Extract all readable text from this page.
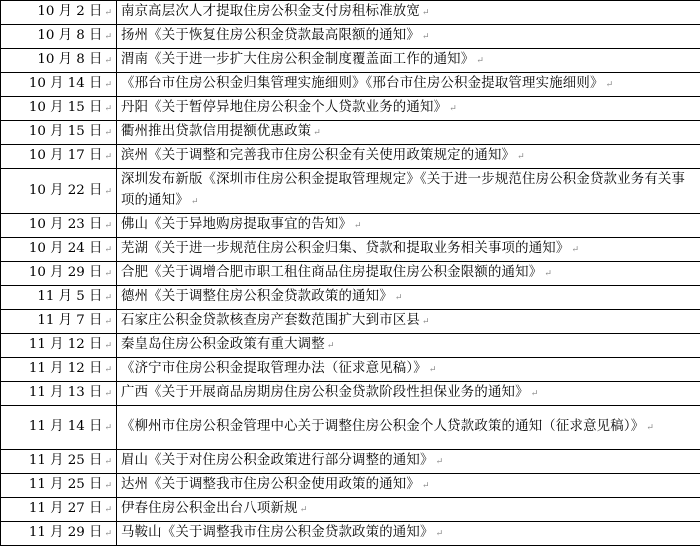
10 月 2 日 ↵	南京高层次人才提取住房公积金支付房租标准放宽 ↵
10 月 8 日 ↵	扬州《关于恢复住房公积金贷款最高限额的通知》 ↵
10 月 8 日 ↵	渭南《关于进一步扩大住房公积金制度覆盖面工作的通知》 ↵
10 月 14 日 ↵	《邢台市住房公积金归集管理实施细则》《邢台市住房公积金提取管理实施细则》 ↵
10 月 15 日 ↵	丹阳《关于暂停异地住房公积金个人贷款业务的通知》 ↵
10 月 15 日 ↵	衢州推出贷款信用提额优惠政策 ↵
10 月 17 日 ↵	滨州《关于调整和完善我市住房公积金有关使用政策规定的通知》 ↵
10 月 22 日 ↵	深圳发布新版《深圳市住房公积金提取管理规定》《关于进一步规范住房公积金贷款业务有关事项的通知》 ↵
10 月 23 日 ↵	佛山《关于异地购房提取事宜的告知》 ↵
10 月 24 日 ↵	芜湖《关于进一步规范住房公积金归集、贷款和提取业务相关事项的通知》 ↵
10 月 29 日 ↵	合肥《关于调增合肥市职工租住商品住房提取住房公积金限额的通知》 ↵
11 月 5 日 ↵	德州《关于调整住房公积金贷款政策的通知》 ↵
11 月 7 日 ↵	石家庄公积金贷款核查房产套数范围扩大到市区县 ↵
11 月 12 日 ↵	秦皇岛住房公积金政策有重大调整 ↵
11 月 12 日 ↵	《济宁市住房公积金提取管理办法（征求意见稿）》 ↵
11 月 13 日 ↵	广西《关于开展商品房期房住房公积金贷款阶段性担保业务的通知》 ↵
11 月 14 日 ↵	《柳州市住房公积金管理中心关于调整住房公积金个人贷款政策的通知（征求意见稿）》 ↵
11 月 25 日 ↵	眉山《关于对住房公积金政策进行部分调整的通知》 ↵
11 月 25 日 ↵	达州《关于调整我市住房公积金使用政策的通知》 ↵
11 月 27 日 ↵	伊春住房公积金出台八项新规 ↵
11 月 29 日 ↵	马鞍山《关于调整我市住房公积金贷款政策的通知》 ↵
